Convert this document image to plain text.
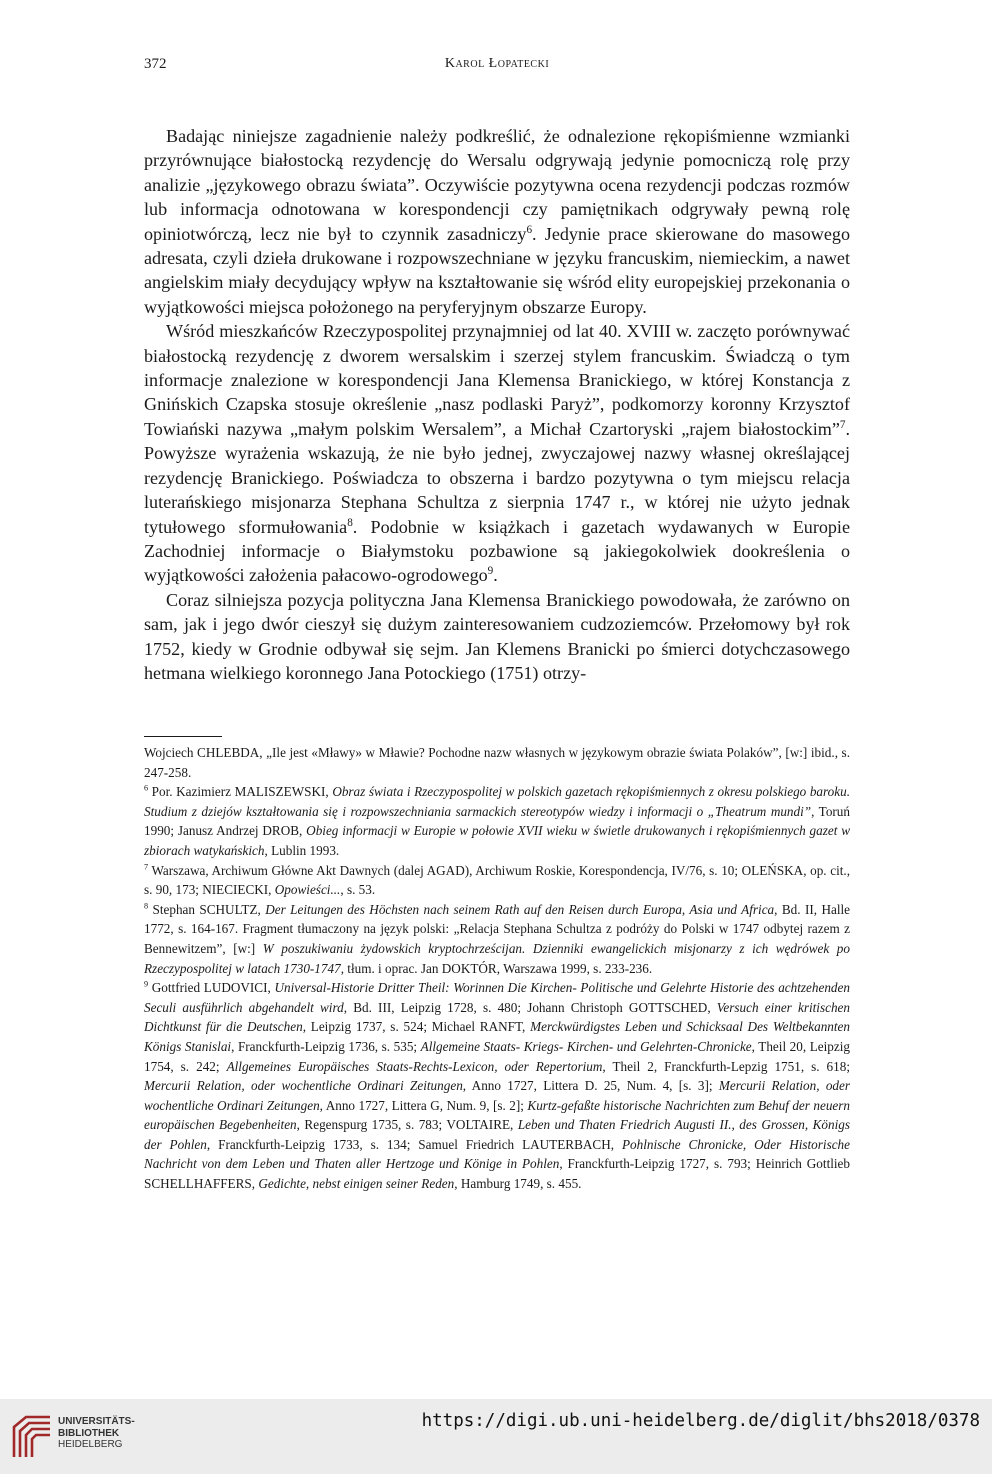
372	Karol Łopatecki

Badając niniejsze zagadnienie należy podkreślić, że odnalezione rękopiśmienne wzmianki przyrównujące białostocką rezydencję do Wersalu odgrywają jedynie pomocniczą rolę przy analizie „językowego obrazu świata”. Oczywiście pozytywna ocena rezydencji podczas rozmów lub informacja odnotowana w korespondencji czy pamiętnikach odgrywały pewną rolę opiniotwórczą, lecz nie był to czynnik zasadniczy$^6$. Jedynie prace skierowane do masowego adresata, czyli dzieła drukowane i rozpowszechniane w języku francuskim, niemieckim, a nawet angielskim miały decydujący wpływ na kształtowanie się wśród elity europejskiej przekonania o wyjątkowości miejsca położonego na peryferyjnym obszarze Europy.

Wśród mieszkańców Rzeczypospolitej przynajmniej od lat 40. XVIII w. zaczęto porównywać białostocką rezydencję z dworem wersalskim i szerzej stylem francuskim. Świadczą o tym informacje znalezione w korespondencji Jana Klemensa Branickiego, w której Konstancja z Gnińskich Czapska stosuje określenie „nasz podlaski Paryż”, podkomorzy koronny Krzysztof Towiański nazywa „małym polskim Wersalem”, a Michał Czartoryski „rajem białostockim”$^7$. Powyższe wyrażenia wskazują, że nie było jednej, zwyczajowej nazwy własnej określającej rezydencję Branickiego. Poświadcza to obszerna i bardzo pozytywna o tym miejscu relacja luterańskiego misjonarza Stephana Schultza z sierpnia 1747 r., w której nie użyto jednak tytułowego sformułowania$^8$. Podobnie w książkach i gazetach wydawanych w Europie Zachodniej informacje o Białymstoku pozbawione są jakiegokolwiek dookreślenia o wyjątkowości założenia pałacowo-ogrodowego$^9$.

Coraz silniejsza pozycja polityczna Jana Klemensa Branickiego powodowała, że zarówno on sam, jak i jego dwór cieszył się dużym zainteresowaniem cudzoziemców. Przełomowy był rok 1752, kiedy w Grodnie odbywał się sejm. Jan Klemens Branicki po śmierci dotychczasowego hetmana wielkiego koronnego Jana Potockiego (1751) otrzy-

Wojciech CHLEBDA, „Ile jest «Mławy» w Mławie? Pochodne nazw własnych w językowym obrazie świata Polaków”, [w:] ibid., s. 247-258.

$^6$ Por. Kazimierz MALISZEWSKI, Obraz świata i Rzeczypospolitej w polskich gazetach rękopiśmiennych z okresu polskiego baroku. Studium z dziejów kształtowania się i rozpowszechniania sarmackich stereotypów wiedzy i informacji o „Theatrum mundi”, Toruń 1990; Janusz Andrzej DROB, Obieg informacji w Europie w połowie XVII wieku w świetle drukowanych i rękopiśmiennych gazet w zbiorach watykańskich, Lublin 1993.

$^7$ Warszawa, Archiwum Główne Akt Dawnych (dalej AGAD), Archiwum Roskie, Korespondencja, IV/76, s. 10; OLEŃSKA, op. cit., s. 90, 173; NIECIECKI, Opowieści..., s. 53.

$^8$ Stephan SCHULTZ, Der Leitungen des Höchsten nach seinem Rath auf den Reisen durch Europa, Asia und Africa, Bd. II, Halle 1772, s. 164-167. Fragment tłumaczony na język polski: „Relacja Stephana Schultza z podróży do Polski w 1747 odbytej razem z Bennewitzem”, [w:] W poszukiwaniu żydowskich kryptochrześcijan. Dzienniki ewangelickich misjonarzy z ich wędrówek po Rzeczypospolitej w latach 1730-1747, tłum. i oprac. Jan DOKTÓR, Warszawa 1999, s. 233-236.

$^9$ Gottfried LUDOVICI, Universal-Historie Dritter Theil: Worinnen Die Kirchen- Politische und Gelehrte Historie des achtzehenden Seculi ausführlich abgehandelt wird, Bd. III, Leipzig 1728, s. 480; Johann Christoph GOTTSCHED, Versuch einer kritischen Dichtkunst für die Deutschen, Leipzig 1737, s. 524; Michael RANFT, Merckwürdigstes Leben und Schicksaal Des Weltbekannten Königs Stanislai, Franckfurth-Leipzig 1736, s. 535; Allgemeine Staats- Kriegs- Kirchen- und Gelehrten-Chronicke, Theil 20, Leipzig 1754, s. 242; Allgemeines Europäisches Staats-Rechts-Lexicon, oder Repertorium, Theil 2, Franckfurth-Lepzig 1751, s. 618; Mercurii Relation, oder wochentliche Ordinari Zeitungen, Anno 1727, Littera D. 25, Num. 4, [s. 3]; Mercurii Relation, oder wochentliche Ordinari Zeitungen, Anno 1727, Littera G, Num. 9, [s. 2]; Kurtz-gefaßte historische Nachrichten zum Behuf der neuern europäischen Begebenheiten, Regenspurg 1735, s. 783; VOLTAIRE, Leben und Thaten Friedrich Augusti II., des Grossen, Königs der Pohlen, Franckfurth-Leipzig 1733, s. 134; Samuel Friedrich LAUTERBACH, Pohlnische Chronicke, Oder Historische Nachricht von dem Leben und Thaten aller Hertzoge und Könige in Pohlen, Franckfurth-Leipzig 1727, s. 793; Heinrich Gottlieb SCHELLHAFFERS, Gedichte, nebst einigen seiner Reden, Hamburg 1749, s. 455.

UNIVERSITÄTS-
BIBLIOTHEK
HEIDELBERG
https://digi.ub.uni-heidelberg.de/diglit/bhs2018/0378
